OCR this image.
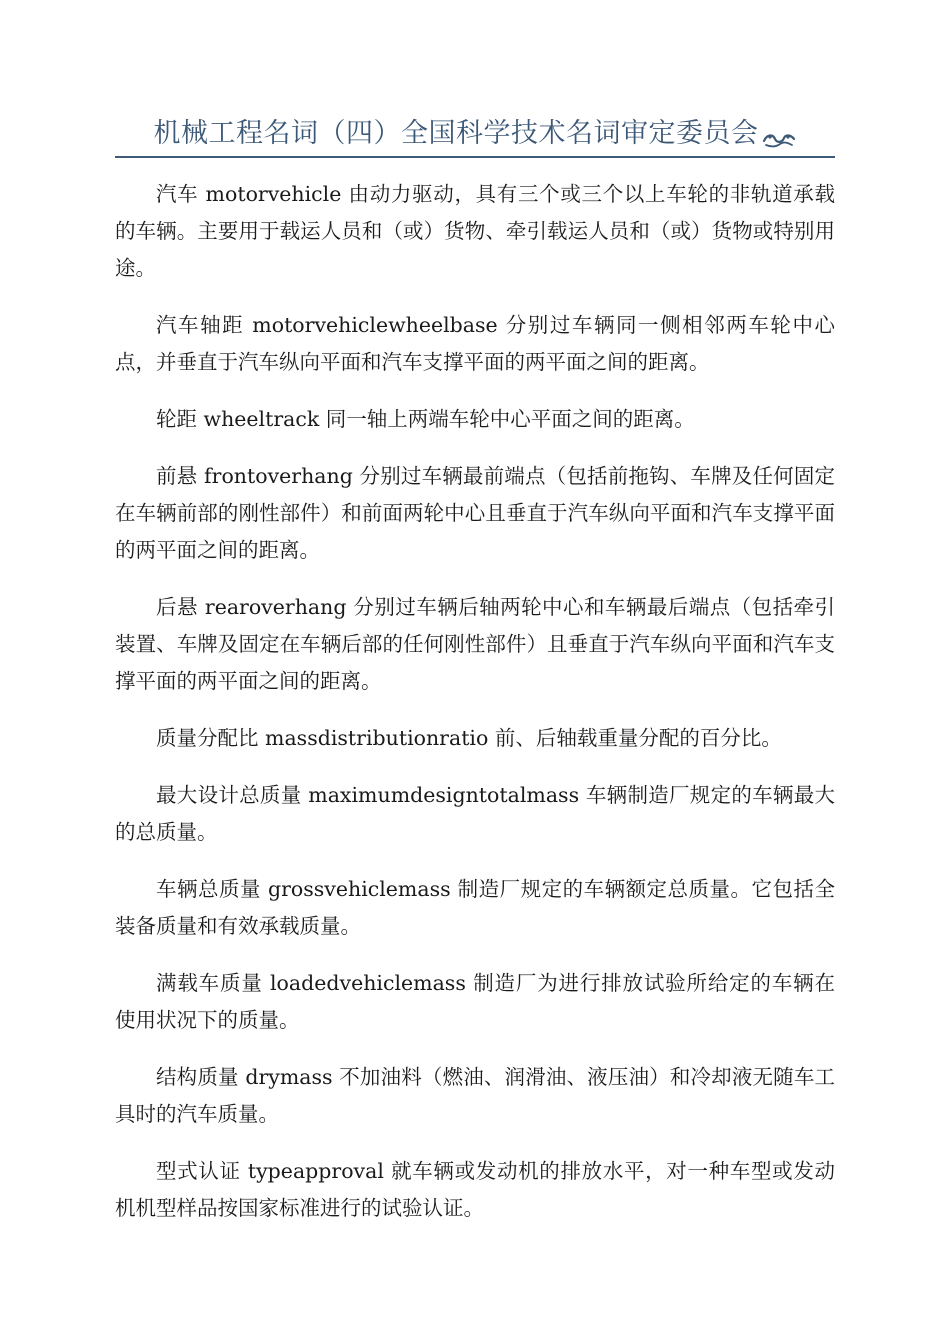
机械工程名词（四）全国科学技术名词审定委员会

汽车 motorvehicle 由动力驱动，具有三个或三个以上车轮的非轨道承载的车辆。主要用于载运人员和（或）货物、牵引载运人员和（或）货物或特别用途。

汽车轴距 motorvehiclewheelbase 分别过车辆同一侧相邻两车轮中心点，并垂直于汽车纵向平面和汽车支撑平面的两平面之间的距离。

轮距 wheeltrack 同一轴上两端车轮中心平面之间的距离。

前悬 frontoverhang 分别过车辆最前端点（包括前拖钩、车牌及任何固定在车辆前部的刚性部件）和前面两轮中心且垂直于汽车纵向平面和汽车支撑平面的两平面之间的距离。

后悬 rearoverhang 分别过车辆后轴两轮中心和车辆最后端点（包括牵引装置、车牌及固定在车辆后部的任何刚性部件）且垂直于汽车纵向平面和汽车支撑平面的两平面之间的距离。

质量分配比 massdistributionratio 前、后轴载重量分配的百分比。

最大设计总质量 maximumdesigntotalmass 车辆制造厂规定的车辆最大的总质量。

车辆总质量 grossvehiclemass 制造厂规定的车辆额定总质量。它包括全装备质量和有效承载质量。

满载车质量 loadedvehiclemass 制造厂为进行排放试验所给定的车辆在使用状况下的质量。

结构质量 drymass 不加油料（燃油、润滑油、液压油）和冷却液无随车工具时的汽车质量。

型式认证 typeapproval 就车辆或发动机的排放水平，对一种车型或发动机机型样品按国家标准进行的试验认证。
